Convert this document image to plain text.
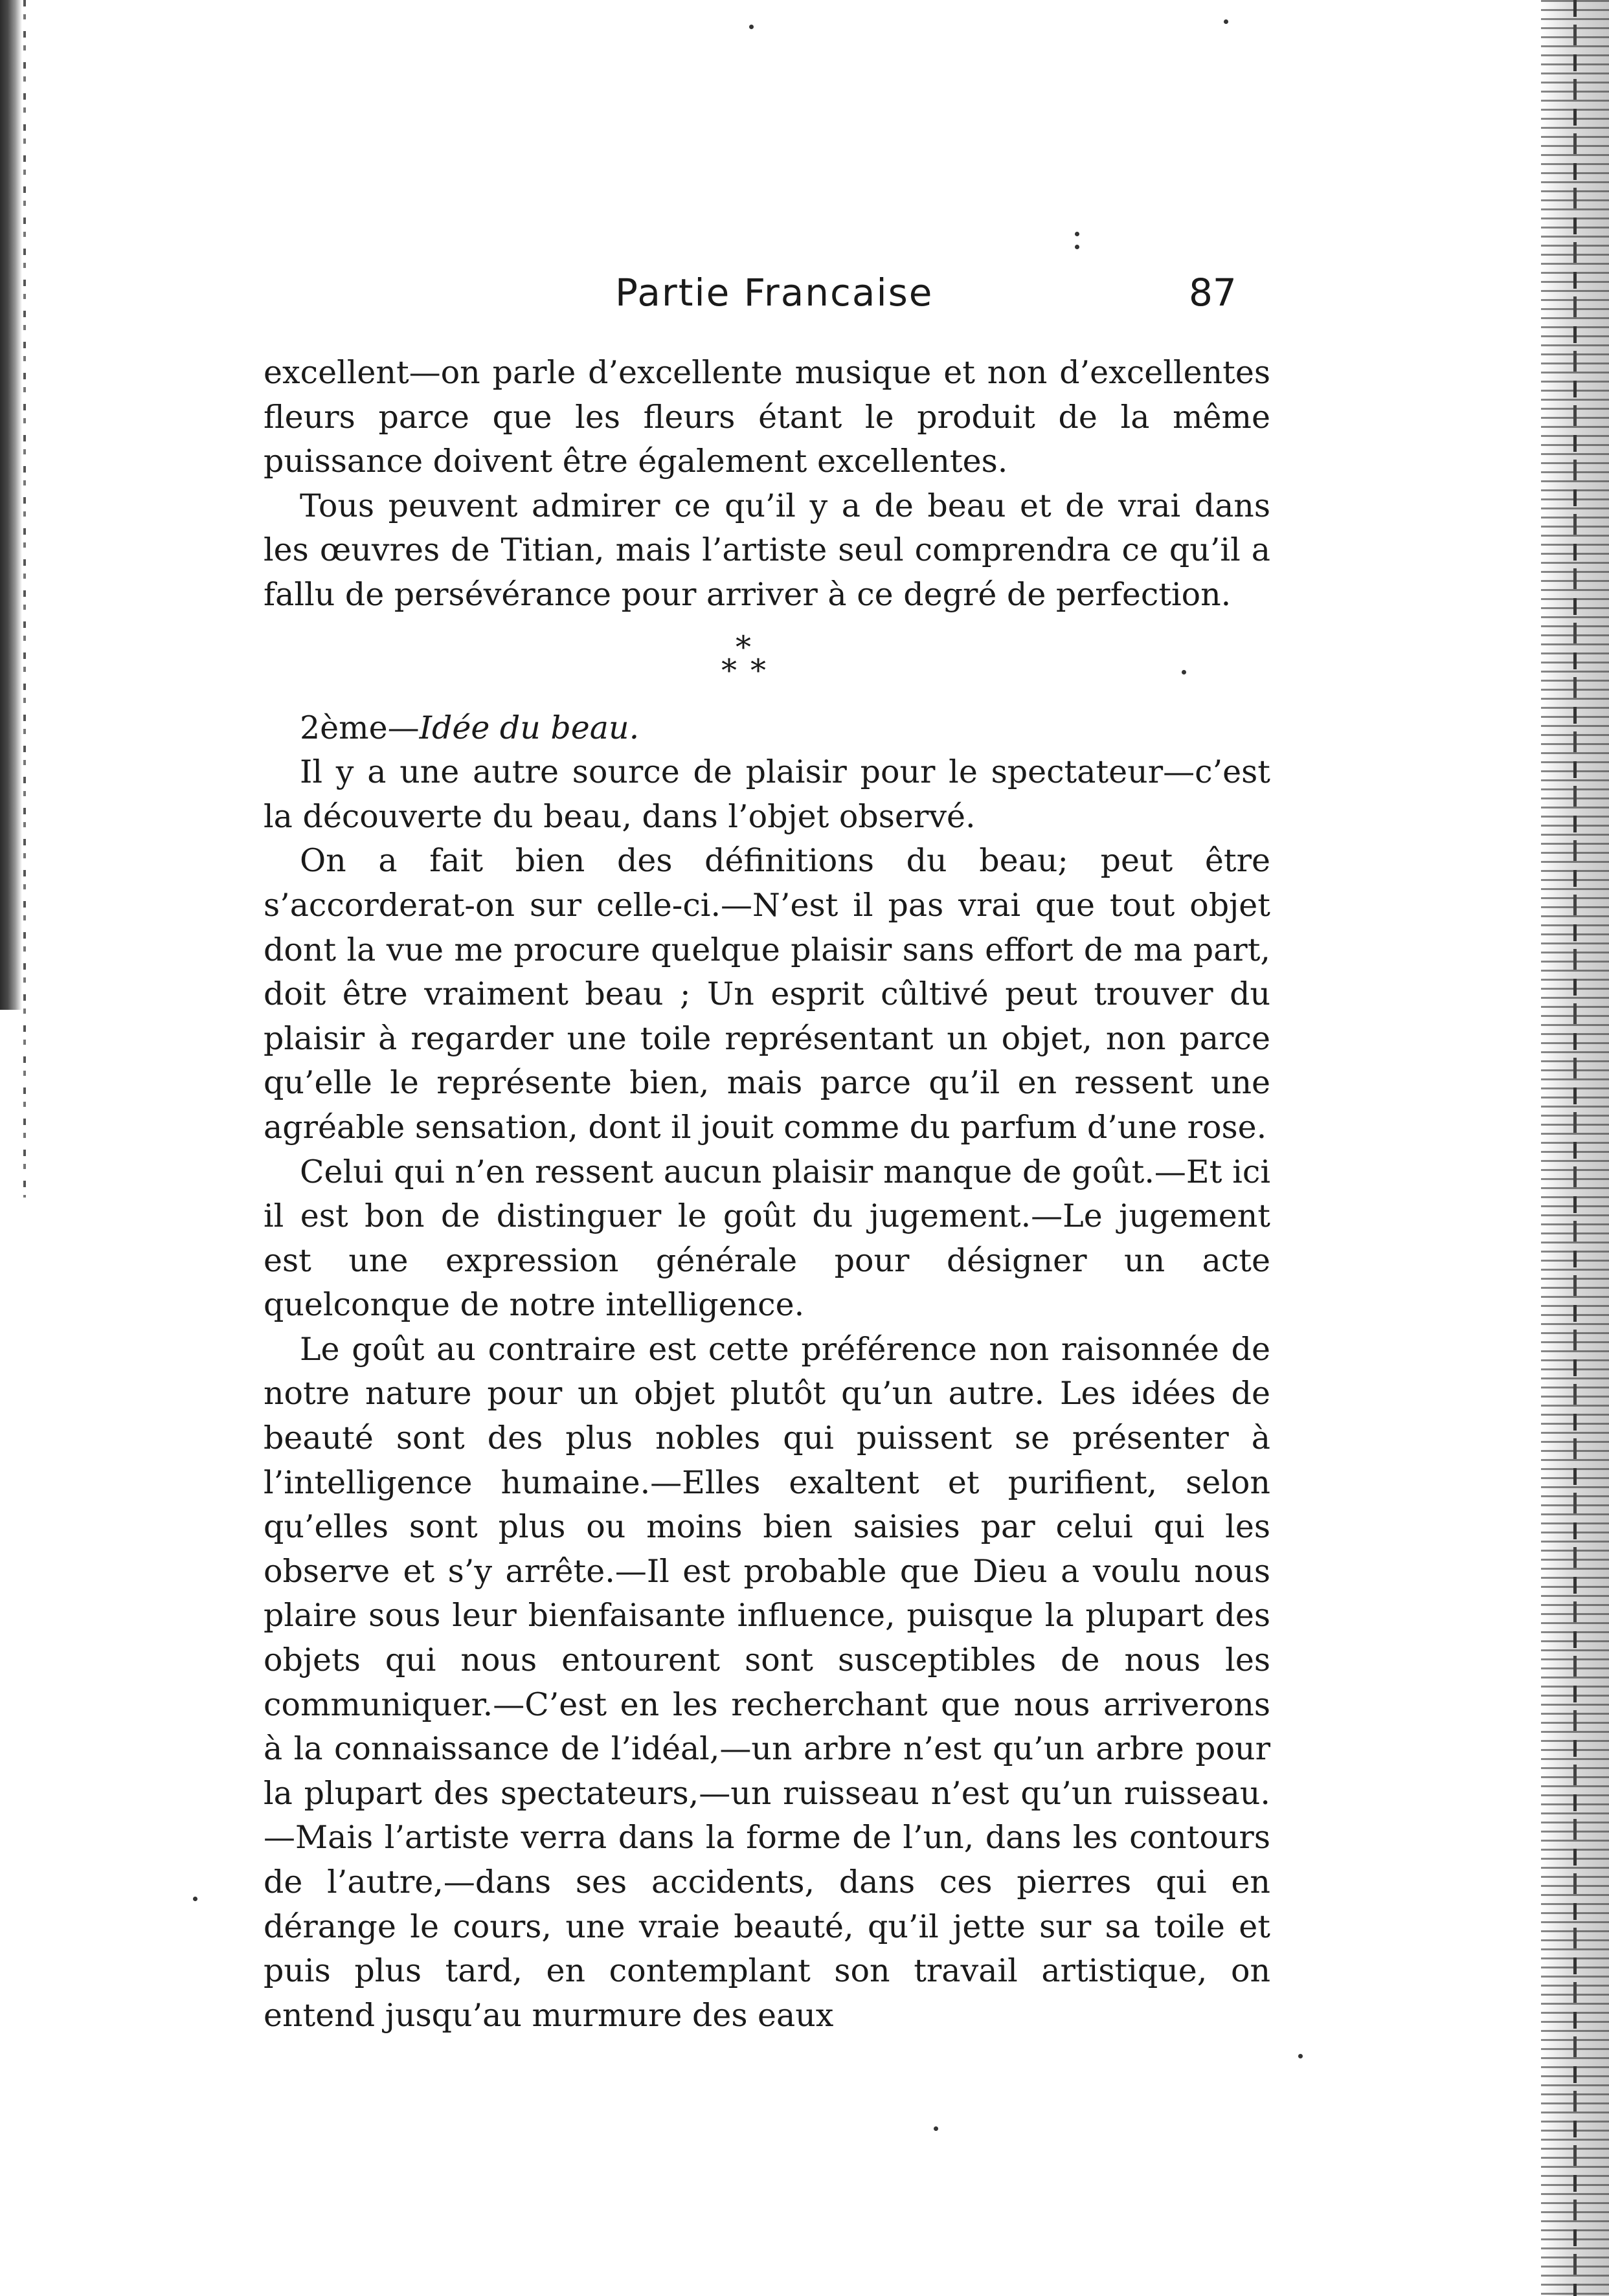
Partie Francaise	87

excellent—on parle d’excellente musique et non d’excellentes fleurs parce que les fleurs étant le produit de la même puissance doivent être également excellentes.

Tous peuvent admirer ce qu’il y a de beau et de vrai dans les œuvres de Titian, mais l’artiste seul comprendra ce qu’il a fallu de persévérance pour arriver à ce degré de perfection.

*
* *

2ème—Idée du beau.

Il y a une autre source de plaisir pour le spectateur—c’est la découverte du beau, dans l’objet observé.

On a fait bien des définitions du beau; peut être s’accorderat-on sur celle-ci.—N’est il pas vrai que tout objet dont la vue me procure quelque plaisir sans effort de ma part, doit être vraiment beau ; Un esprit cûltivé peut trouver du plaisir à regarder une toile représentant un objet, non parce qu’elle le représente bien, mais parce qu’il en ressent une agréable sensation, dont il jouit comme du parfum d’une rose.

Celui qui n’en ressent aucun plaisir manque de goût.—Et ici il est bon de distinguer le goût du jugement.—Le jugement est une expression générale pour désigner un acte quelconque de notre intelligence.

Le goût au contraire est cette préférence non raisonnée de notre nature pour un objet plutôt qu’un autre. Les idées de beauté sont des plus nobles qui puissent se présenter à l’intelligence humaine.—Elles exaltent et purifient, selon qu’elles sont plus ou moins bien saisies par celui qui les observe et s’y arrête.—Il est probable que Dieu a voulu nous plaire sous leur bienfaisante influence, puisque la plupart des objets qui nous entourent sont susceptibles de nous les communiquer.—C’est en les recherchant que nous arriverons à la connaissance de l’idéal,—un arbre n’est qu’un arbre pour la plupart des spectateurs,—un ruisseau n’est qu’un ruisseau.—Mais l’artiste verra dans la forme de l’un, dans les contours de l’autre,—dans ses accidents, dans ces pierres qui en dérange le cours, une vraie beauté, qu’il jette sur sa toile et puis plus tard, en contemplant son travail artistique, on entend jusqu’au murmure des eaux
